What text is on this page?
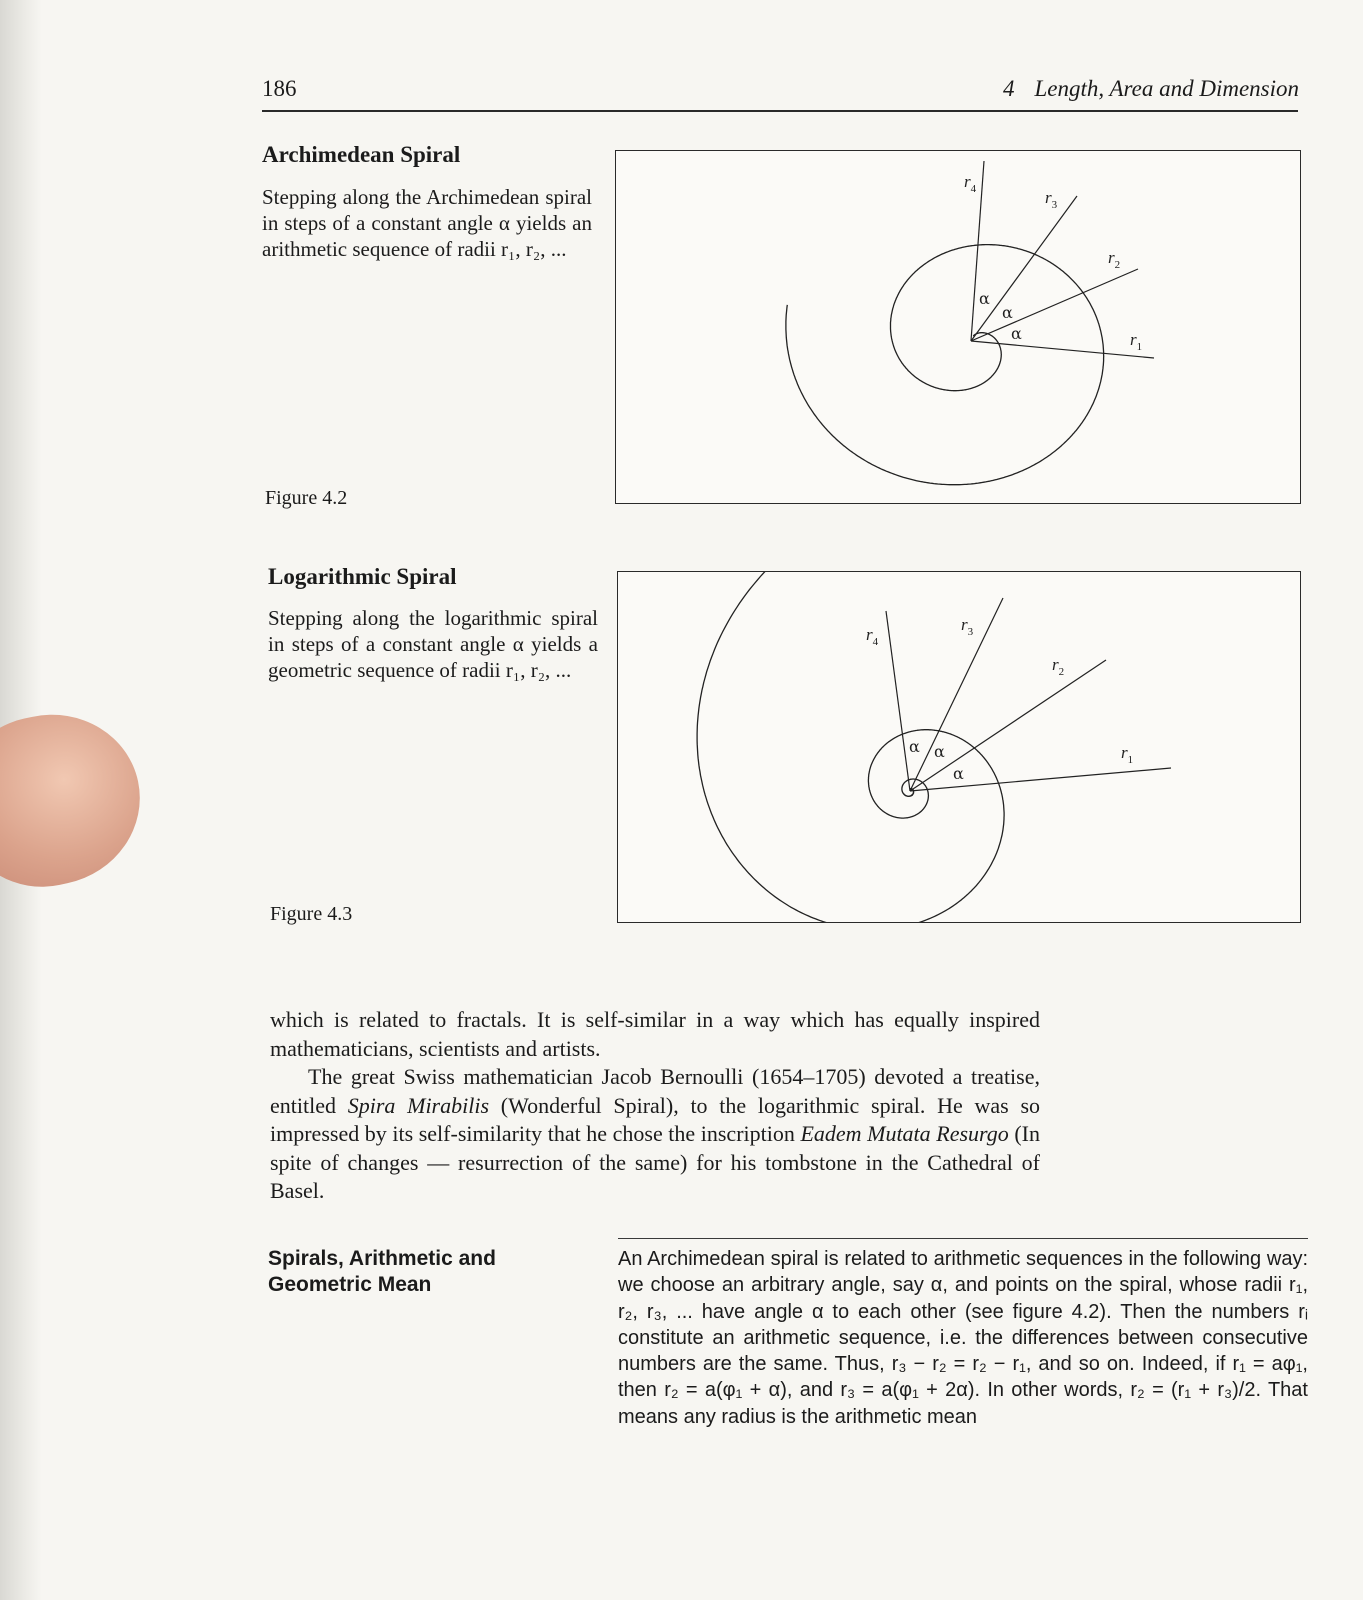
186	4 Length, Area and Dimension
Archimedean Spiral
Stepping along the Archimedean spiral in steps of a constant angle α yields an arithmetic sequence of radii r₁, r₂, ...
Figure 4.2
$r_1$
$r_2$
$r_3$
$r_4$
α
α
α
Logarithmic Spiral
Stepping along the logarithmic spiral in steps of a constant angle α yields a geometric sequence of radii r₁, r₂, ...
Figure 4.3
$r_1$
$r_2$
$r_3$
$r_4$
α α
α

which is related to fractals. It is self-similar in a way which has equally inspired mathematicians, scientists and artists.

The great Swiss mathematician Jacob Bernoulli (1654–1705) devoted a treatise, entitled Spira Mirabilis (Wonderful Spiral), to the logarithmic spiral. He was so impressed by its self-similarity that he chose the inscription Eadem Mutata Resurgo (In spite of changes — resurrection of the same) for his tombstone in the Cathedral of Basel.

Spirals, Arithmetic and Geometric Mean
An Archimedean spiral is related to arithmetic sequences in the following way: we choose an arbitrary angle, say α, and points on the spiral, whose radii r₁, r₂, r₃, ... have angle α to each other (see figure 4.2). Then the numbers rᵢ constitute an arithmetic sequence, i.e. the differences between consecutive numbers are the same. Thus, r₃ − r₂ = r₂ − r₁, and so on. Indeed, if r₁ = aφ₁, then r₂ = a(φ₁ + α), and r₃ = a(φ₁ + 2α). In other words, r₂ = (r₁ + r₃)/2. That means any radius is the arithmetic mean
